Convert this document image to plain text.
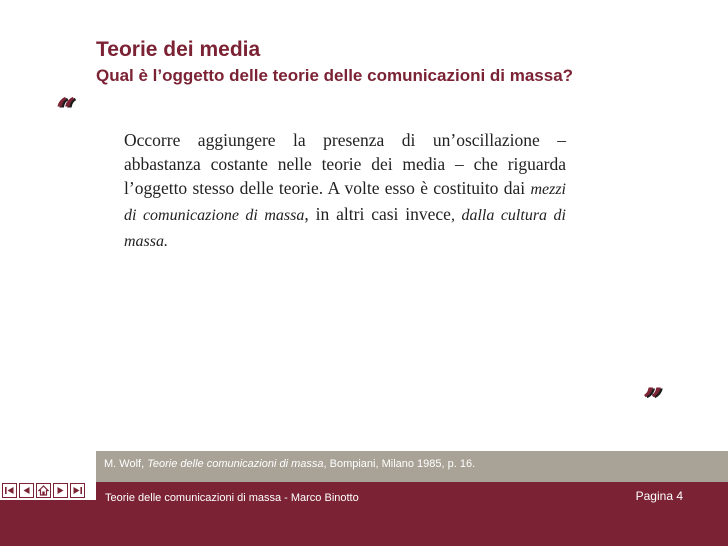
Teorie dei media
Qual è l’oggetto delle teorie delle comunicazioni di massa?
“

Occorre aggiungere la presenza di un’oscillazione – abbastanza costante nelle teorie dei media – che riguarda l’oggetto stesso delle teorie. A volte esso è costituito dai mezzi di comunicazione di massa, in altri casi invece, dalla cultura di massa.

”
M. Wolf, Teorie delle comunicazioni di massa, Bompiani, Milano 1985, p. 16.
Teorie delle comunicazioni di massa - Marco Binotto	Pagina 4
